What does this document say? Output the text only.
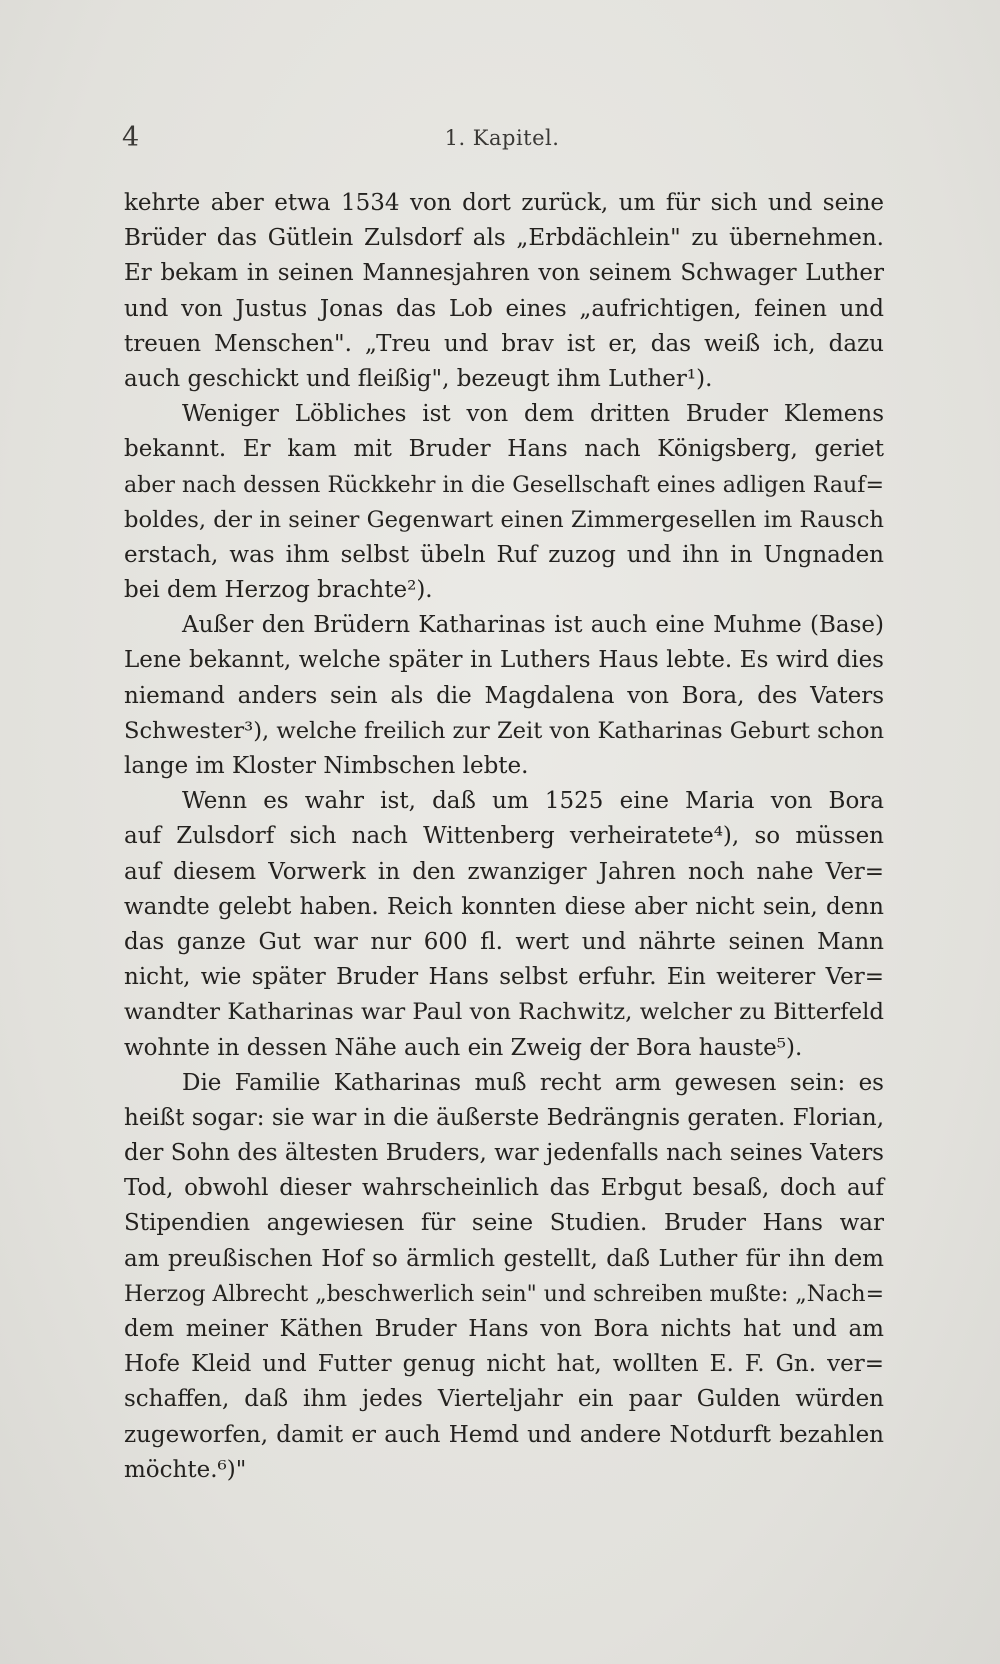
4	1. Kapitel.
kehrte aber etwa 1534 von dort zurück, um für sich und seine
Brüder das Gütlein Zulsdorf als „Erbdächlein" zu übernehmen.
Er bekam in seinen Mannesjahren von seinem Schwager Luther
und von Justus Jonas das Lob eines „aufrichtigen, feinen und
treuen Menschen". „Treu und brav ist er, das weiß ich, dazu
auch geschickt und fleißig", bezeugt ihm Luther¹).
Weniger Löbliches ist von dem dritten Bruder Klemens
bekannt. Er kam mit Bruder Hans nach Königsberg, geriet
aber nach dessen Rückkehr in die Gesellschaft eines adligen Rauf=
boldes, der in seiner Gegenwart einen Zimmergesellen im Rausch
erstach, was ihm selbst übeln Ruf zuzog und ihn in Ungnaden
bei dem Herzog brachte²).
Außer den Brüdern Katharinas ist auch eine Muhme (Base)
Lene bekannt, welche später in Luthers Haus lebte. Es wird dies
niemand anders sein als die Magdalena von Bora, des Vaters
Schwester³), welche freilich zur Zeit von Katharinas Geburt schon
lange im Kloster Nimbschen lebte.
Wenn es wahr ist, daß um 1525 eine Maria von Bora
auf Zulsdorf sich nach Wittenberg verheiratete⁴), so müssen
auf diesem Vorwerk in den zwanziger Jahren noch nahe Ver=
wandte gelebt haben. Reich konnten diese aber nicht sein, denn
das ganze Gut war nur 600 fl. wert und nährte seinen Mann
nicht, wie später Bruder Hans selbst erfuhr. Ein weiterer Ver=
wandter Katharinas war Paul von Rachwitz, welcher zu Bitterfeld
wohnte in dessen Nähe auch ein Zweig der Bora hauste⁵).
Die Familie Katharinas muß recht arm gewesen sein: es
heißt sogar: sie war in die äußerste Bedrängnis geraten. Florian,
der Sohn des ältesten Bruders, war jedenfalls nach seines Vaters
Tod, obwohl dieser wahrscheinlich das Erbgut besaß, doch auf
Stipendien angewiesen für seine Studien. Bruder Hans war
am preußischen Hof so ärmlich gestellt, daß Luther für ihn dem
Herzog Albrecht „beschwerlich sein" und schreiben mußte: „Nach=
dem meiner Käthen Bruder Hans von Bora nichts hat und am
Hofe Kleid und Futter genug nicht hat, wollten E. F. Gn. ver=
schaffen, daß ihm jedes Vierteljahr ein paar Gulden würden
zugeworfen, damit er auch Hemd und andere Notdurft bezahlen
möchte.⁶)"
